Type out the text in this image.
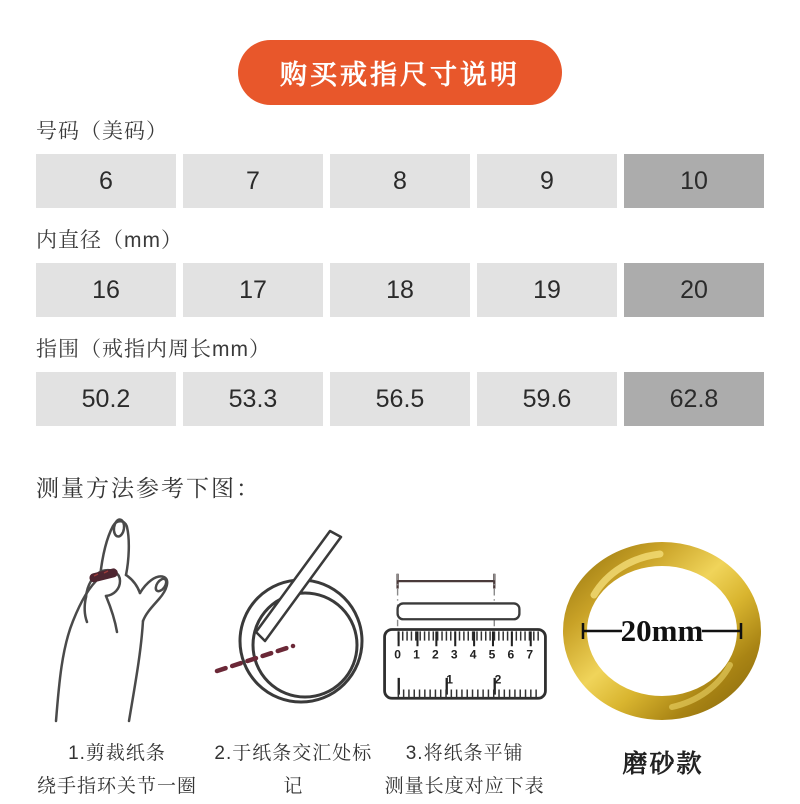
购买戒指尺寸说明
号码（美码）
6	7	8	9	10
内直径（mm）
16	17	18	19	20
指围（戒指内周长mm）
50.2	53.3	56.5	59.6	62.8
测量方法参考下图：
0 1 2 3 4 5 6 7
1	2
20mm
1.剪裁纸条
绕手指环关节一圈
2.于纸条交汇处标记
3.将纸条平铺
测量长度对应下表
磨砂款
